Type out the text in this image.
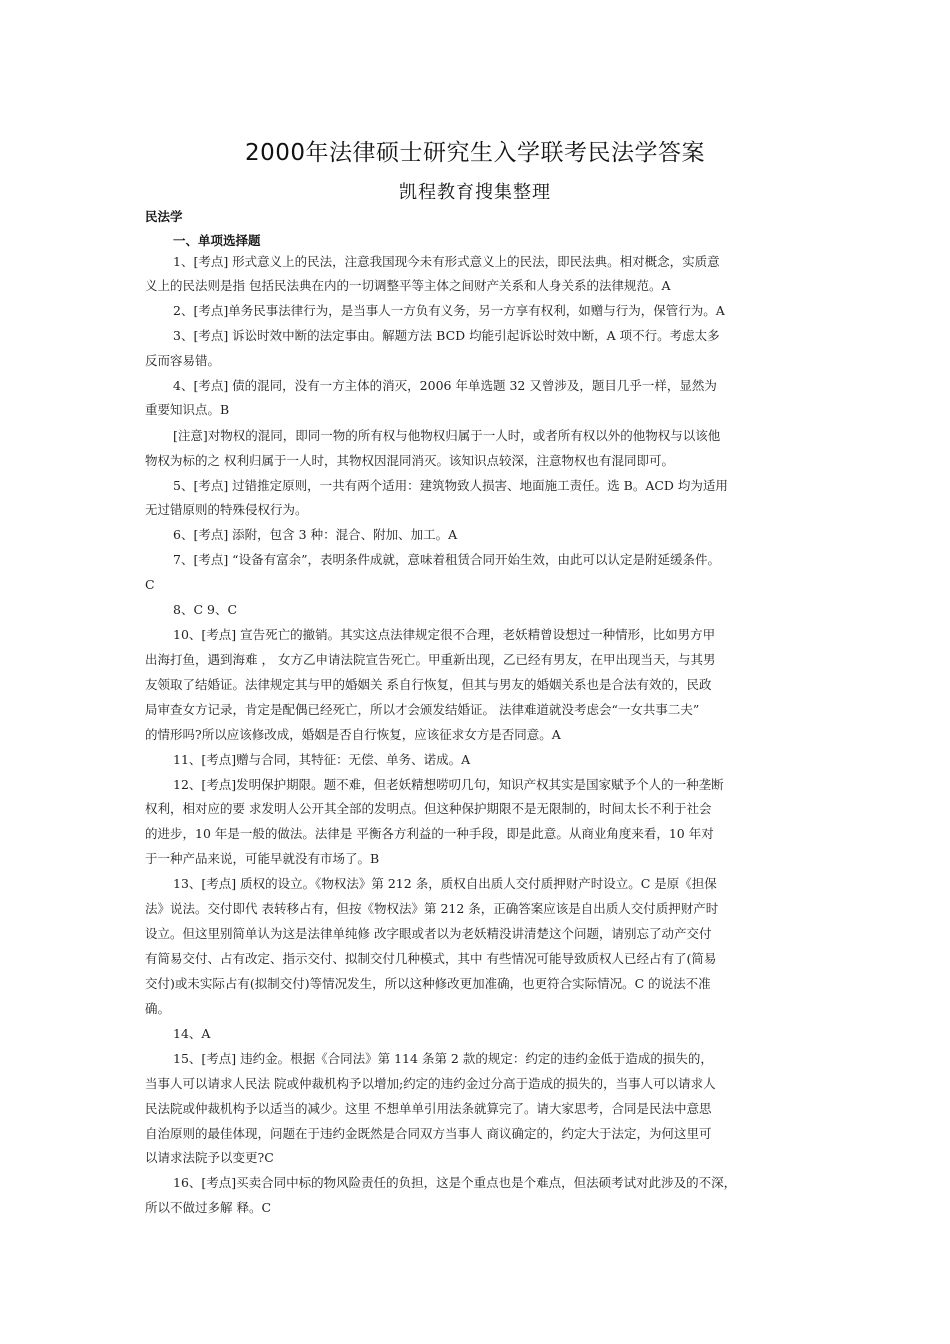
2000年法律硕士研究生入学联考民法学答案
凯程教育搜集整理
民法学
一、单项选择题
1、[考点] 形式意义上的民法，注意我国现今未有形式意义上的民法，即民法典。相对概念，实质意
义上的民法则是指 包括民法典在内的一切调整平等主体之间财产关系和人身关系的法律规范。A
2、[考点]单务民事法律行为，是当事人一方负有义务，另一方享有权利，如赠与行为，保管行为。A
3、[考点] 诉讼时效中断的法定事由。解题方法 BCD 均能引起诉讼时效中断，A 项不行。考虑太多
反而容易错。
4、[考点] 债的混同，没有一方主体的消灭，2006 年单选题 32 又曾涉及，题目几乎一样，显然为
重要知识点。B
[注意]对物权的混同，即同一物的所有权与他物权归属于一人时，或者所有权以外的他物权与以该他
物权为标的之 权利归属于一人时，其物权因混同消灭。该知识点较深，注意物权也有混同即可。
5、[考点] 过错推定原则，一共有两个适用：建筑物致人损害、地面施工责任。选 B。ACD 均为适用
无过错原则的特殊侵权行为。
6、[考点] 添附，包含 3 种：混合、附加、加工。A
7、[考点] “设备有富余”，表明条件成就，意味着租赁合同开始生效，由此可以认定是附延缓条件。
C
8、C 9、C
10、[考点] 宣告死亡的撤销。其实这点法律规定很不合理，老妖精曾设想过一种情形，比如男方甲
出海打鱼，遇到海难 ， 女方乙申请法院宣告死亡。甲重新出现，乙已经有男友，在甲出现当天，与其男
友领取了结婚证。法律规定其与甲的婚姻关 系自行恢复，但其与男友的婚姻关系也是合法有效的，民政
局审查女方记录，肯定是配偶已经死亡，所以才会颁发结婚证。 法律难道就没考虑会“一女共事二夫”
的情形吗?所以应该修改成，婚姻是否自行恢复，应该征求女方是否同意。A
11、[考点]赠与合同，其特征：无偿、单务、诺成。A
12、[考点]发明保护期限。题不难，但老妖精想唠叨几句，知识产权其实是国家赋予个人的一种垄断
权利，相对应的要 求发明人公开其全部的发明点。但这种保护期限不是无限制的，时间太长不利于社会
的进步，10 年是一般的做法。法律是 平衡各方利益的一种手段，即是此意。从商业角度来看，10 年对
于一种产品来说，可能早就没有市场了。B
13、[考点] 质权的设立。《物权法》第 212 条，质权自出质人交付质押财产时设立。C 是原《担保
法》说法。交付即代 表转移占有，但按《物权法》第 212 条，正确答案应该是自出质人交付质押财产时
设立。但这里别简单认为这是法律单纯修 改字眼或者以为老妖精没讲清楚这个问题，请别忘了动产交付
有简易交付、占有改定、指示交付、拟制交付几种模式，其中 有些情况可能导致质权人已经占有了(简易
交付)或未实际占有(拟制交付)等情况发生，所以这种修改更加准确，也更符合实际情况。C 的说法不准
确。
14、A
15、[考点] 违约金。根据《合同法》第 114 条第 2 款的规定：约定的违约金低于造成的损失的，
当事人可以请求人民法 院或仲裁机构予以增加;约定的违约金过分高于造成的损失的，当事人可以请求人
民法院或仲裁机构予以适当的减少。这里 不想单单引用法条就算完了。请大家思考，合同是民法中意思
自治原则的最佳体现，问题在于违约金既然是合同双方当事人 商议确定的，约定大于法定，为何这里可
以请求法院予以变更?C
16、[考点]买卖合同中标的物风险责任的负担，这是个重点也是个难点，但法硕考试对此涉及的不深，
所以不做过多解 释。C
